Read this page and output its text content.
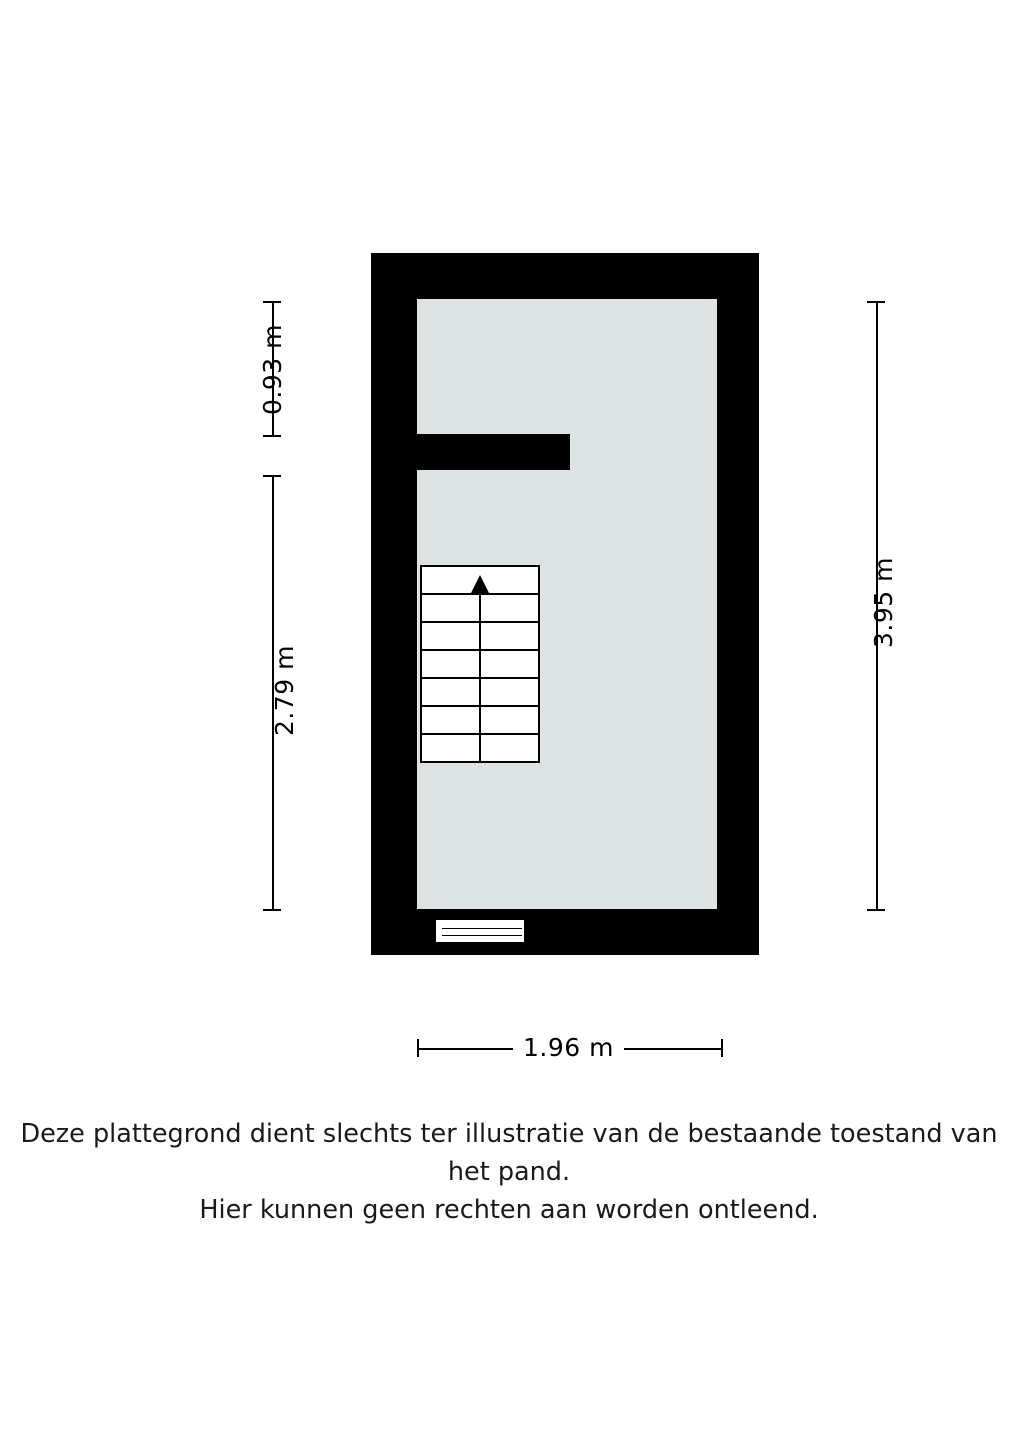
0.93 m
2.79 m
3.95 m
1.96 m
Deze plattegrond dient slechts ter illustratie van de bestaande toestand van het pand.
Hier kunnen geen rechten aan worden ontleend.
